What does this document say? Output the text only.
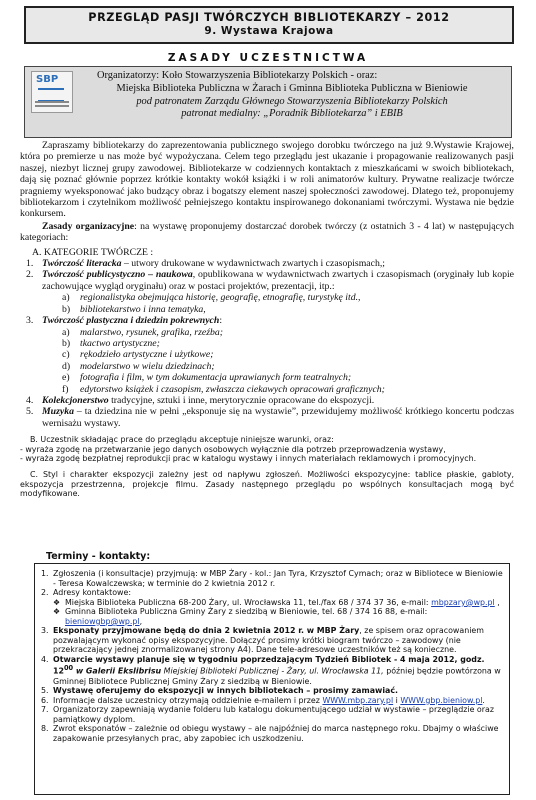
PRZEGLĄD PASJI TWÓRCZYCH BIBLIOTEKARZY – 2012
9. Wystawa Krajowa
ZASADY UCZESTNICTWA
SBP	Organizatorzy: Koło Stowarzyszenia Bibliotekarzy Polskich - oraz:
Miejska Biblioteka Publiczna w Żarach i Gminna Biblioteka Publiczna w Bieniowie
pod patronatem Zarządu Głównego Stowarzyszenia Bibliotekarzy Polskich
patronat medialny: „Poradnik Bibliotekarza” i EBIB

Zapraszamy bibliotekarzy do zaprezentowania publicznego swojego dorobku twórczego na już 9.Wystawie Krajowej, która po premierze u nas może być wypożyczana. Celem tego przeglądu jest ukazanie i propagowanie realizowanych pasji naszej, niezbyt licznej grupy zawodowej. Bibliotekarze w codziennych kontaktach z mieszkańcami w swoich bibliotekach, dają się poznać głównie poprzez krótkie kontakty wokół książki i w roli animatorów kultury. Prywatne realizacje twórcze pragniemy wyeksponować jako budzący obraz i bogatszy element naszej społeczności zawodowej. Dlatego też, proponujemy bibliotekarzom i czytelnikom możliwość pełniejszego kontaktu inspirowanego dokonaniami twórczymi. Wystawa nie będzie konkursem.

Zasady organizacyjne: na wystawę proponujemy dostarczać dorobek twórczy (z ostatnich 3 - 4 lat) w następujących kategoriach:

A. KATEGORIE TWÓRCZE :

1. Twórczość literacka – utwory drukowane w wydawnictwach zwartych i czasopismach,;
2. Twórczość publicystyczno – naukowa, opublikowana w wydawnictwach zwartych i czasopismach (oryginały lub kopie zachowujące wygląd oryginału) oraz w postaci projektów, prezentacji, itp.:
a) regionalistyka obejmująca historię, geografię, etnografię, turystykę itd.,
b) bibliotekarstwo i inna tematyka,
3. Twórczość plastyczna i dziedzin pokrewnych:
a) malarstwo, rysunek, grafika, rzeźba;
b) tkactwo artystyczne;
c) rękodzieło artystyczne i użytkowe;
d) modelarstwo w wielu dziedzinach;
e) fotografia i film, w tym dokumentacja uprawianych form teatralnych;
f) edytorstwo książek i czasopism, zwłaszcza ciekawych opracowań graficznych;
4. Kolekcjonerstwo tradycyjne, sztuki i inne, merytorycznie opracowane do ekspozycji.
5. Muzyka – ta dziedzina nie w pełni „eksponuje się na wystawie”, przewidujemy możliwość krótkiego koncertu podczas wernisażu wystawy.
B. Uczestnik składając prace do przeglądu akceptuje niniejsze warunki, oraz:
- wyraża zgodę na przetwarzanie jego danych osobowych wyłącznie dla potrzeb przeprowadzenia wystawy,
- wyraża zgodę bezpłatnej reprodukcji prac w katalogu wystawy i innych materiałach reklamowych i promocyjnych.
C. Styl i charakter ekspozycji zależny jest od napływu zgłoszeń. Możliwości ekspozycyjne: tablice płaskie, gabloty, ekspozycja przestrzenna, projekcje filmu. Zasady następnego przeglądu po wspólnych konsultacjach mogą być modyfikowane.
Terminy - kontakty:
1. Zgłoszenia (i konsultacje) przyjmują: w MBP Żary - kol.: Jan Tyra, Krzysztof Cymach; oraz w Bibliotece w Bieniowie - Teresa Kowalczewska; w terminie do 2 kwietnia 2012 r.
2. Adresy kontaktowe:
❖ Miejska Biblioteka Publiczna 68-200 Żary, ul. Wrocławska 11, tel./fax 68 / 374 37 36, e-mail: mbpzary@wp.pl ,
❖ Gminna Biblioteka Publiczna Gminy Żary z siedzibą w Bieniowie, tel. 68 / 374 16 88, e-mail: bieniowgbp@wp.pl,
3. Eksponaty przyjmowane będą do dnia 2 kwietnia 2012 r. w MBP Żary, ze spisem oraz opracowaniem pozwalającym wykonać opisy ekspozycyjne. Dołączyć prosimy krótki biogram twórczo – zawodowy (nie przekraczający jednej znormalizowanej strony A4). Dane tele-adresowe uczestników też są konieczne.
4. Otwarcie wystawy planuje się w tygodniu poprzedzającym Tydzień Bibliotek - 4 maja 2012, godz. $12^{00}$ w Galerii Ekslibrisu Miejskiej Biblioteki Publicznej - Żary, ul. Wrocławska 11, później będzie powtórzona w Gminnej Bibliotece Publicznej Gminy Żary z siedzibą w Bieniowie.
5. Wystawę oferujemy do ekspozycji w innych bibliotekach – prosimy zamawiać.
6. Informacje dalsze uczestnicy otrzymają oddzielnie e-mailem i przez WWW.mbp.zary.pl i WWW.gbp.bieniow.pl.
7. Organizatorzy zapewniają wydanie folderu lub katalogu dokumentującego udział w wystawie – przeglądzie oraz pamiątkowy dyplom.
8. Zwrot eksponatów – zależnie od obiegu wystawy – ale najpóźniej do marca następnego roku. Dbajmy o właściwe zapakowanie przesyłanych prac, aby zapobiec ich uszkodzeniu.
